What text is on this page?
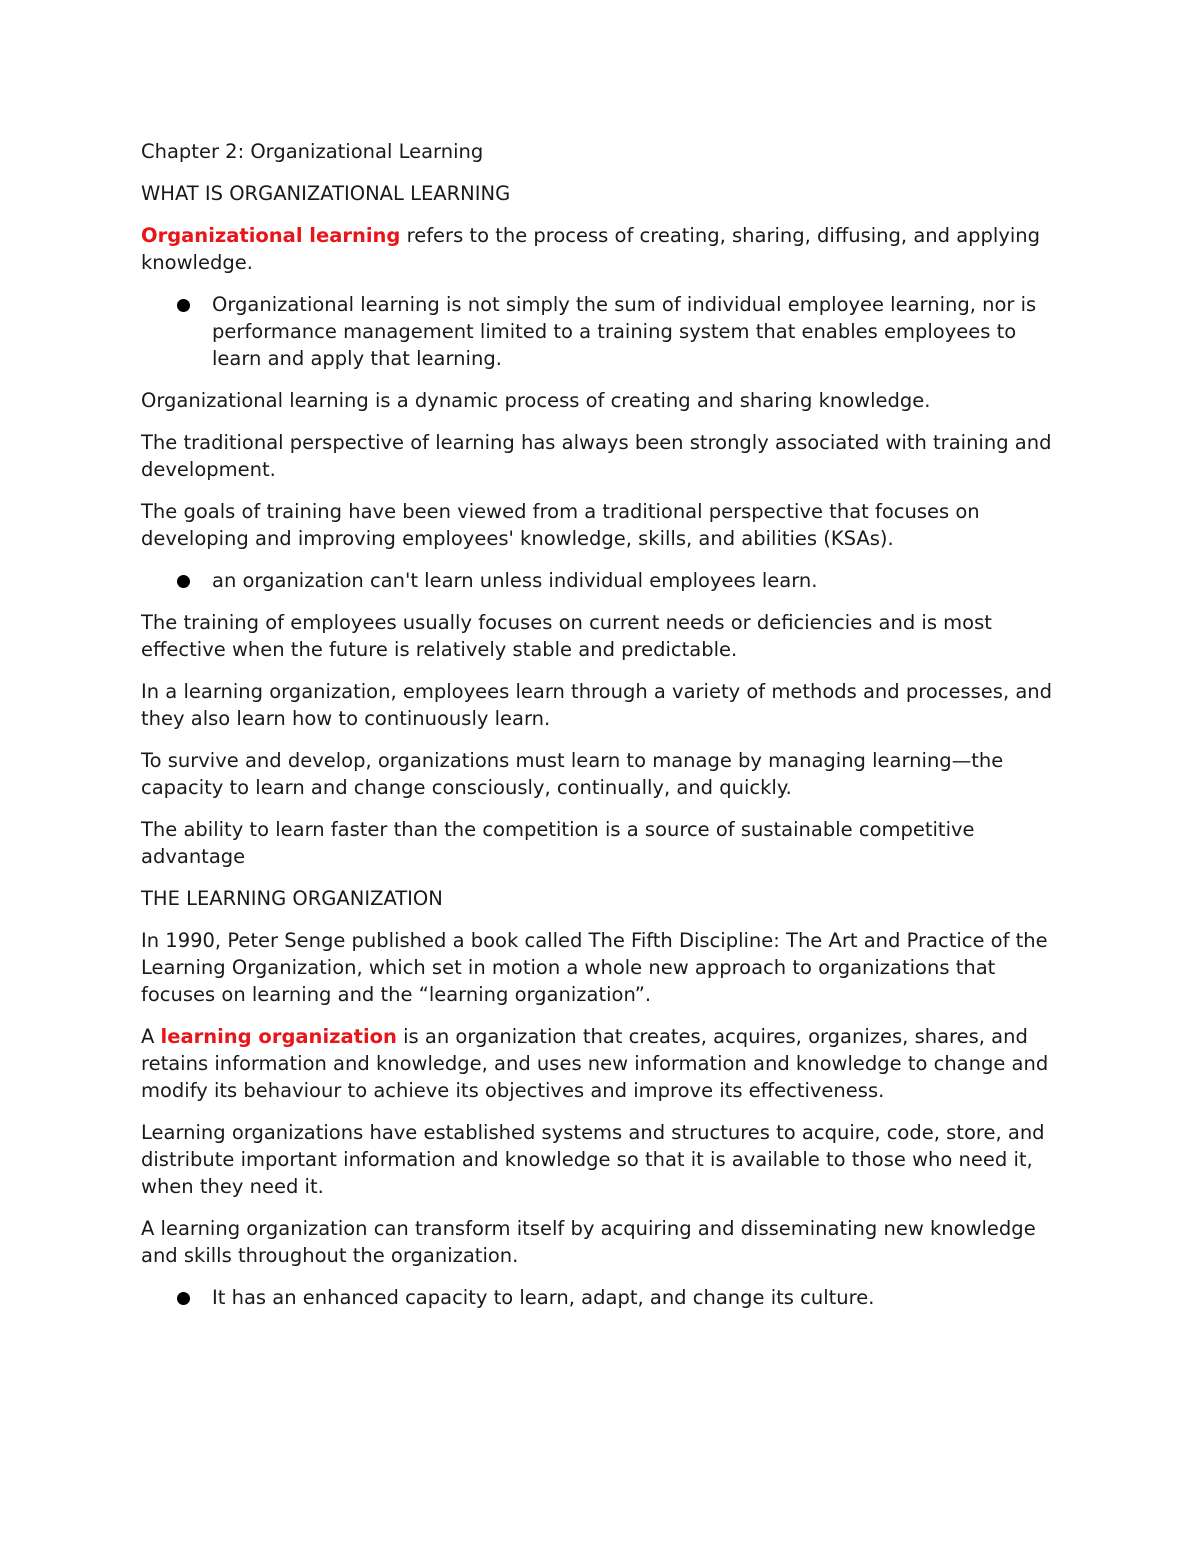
Chapter 2: Organizational Learning

WHAT IS ORGANIZATIONAL LEARNING

Organizational learning refers to the process of creating, sharing, diffusing, and applying knowledge.

Organizational learning is not simply the sum of individual employee learning, nor is performance management limited to a training system that enables employees to learn and apply that learning.

Organizational learning is a dynamic process of creating and sharing knowledge.

The traditional perspective of learning has always been strongly associated with training and development.

The goals of training have been viewed from a traditional perspective that focuses on developing and improving employees' knowledge, skills, and abilities (KSAs).

an organization can't learn unless individual employees learn.

The training of employees usually focuses on current needs or deficiencies and is most effective when the future is relatively stable and predictable.

In a learning organization, employees learn through a variety of methods and processes, and they also learn how to continuously learn.

To survive and develop, organizations must learn to manage by managing learning—the capacity to learn and change consciously, continually, and quickly.

The ability to learn faster than the competition is a source of sustainable competitive advantage

THE LEARNING ORGANIZATION

In 1990, Peter Senge published a book called The Fifth Discipline: The Art and Practice of the Learning Organization, which set in motion a whole new approach to organizations that focuses on learning and the “learning organization”.

A learning organization is an organization that creates, acquires, organizes, shares, and retains information and knowledge, and uses new information and knowledge to change and modify its behaviour to achieve its objectives and improve its effectiveness.

Learning organizations have established systems and structures to acquire, code, store, and distribute important information and knowledge so that it is available to those who need it, when they need it.

A learning organization can transform itself by acquiring and disseminating new knowledge and skills throughout the organization.

It has an enhanced capacity to learn, adapt, and change its culture.
